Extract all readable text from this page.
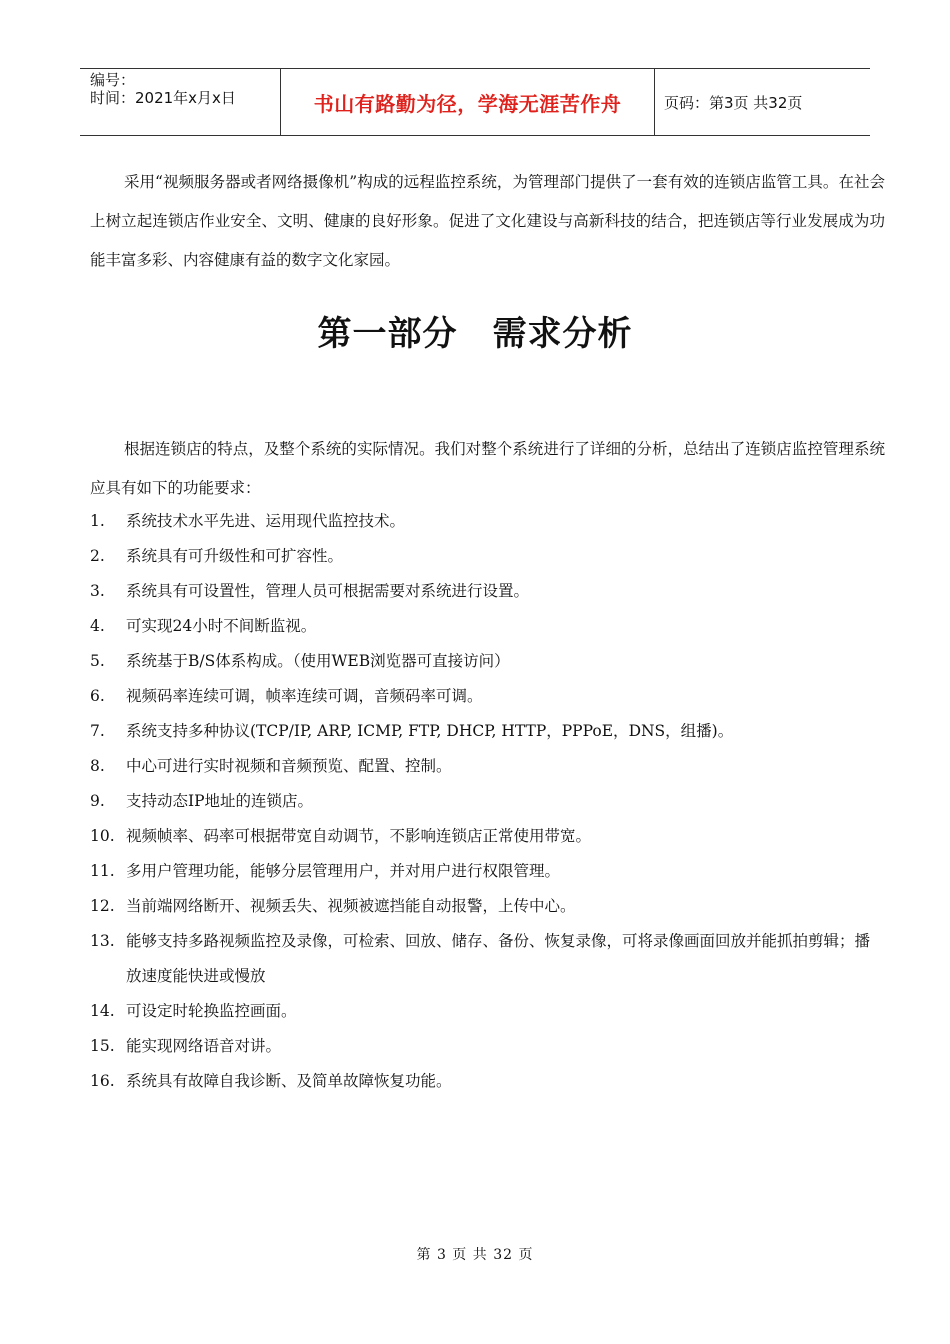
编号：
时间：2021年x月x日	书山有路勤为径，学海无涯苦作舟	页码：第3页 共32页

采用“视频服务器或者网络摄像机”构成的远程监控系统，为管理部门提供了一套有效的连锁店监管工具。在社会上树立起连锁店作业安全、文明、健康的良好形象。促进了文化建设与高新科技的结合，把连锁店等行业发展成为功能丰富多彩、内容健康有益的数字文化家园。

第一部分　需求分析

根据连锁店的特点，及整个系统的实际情况。我们对整个系统进行了详细的分析，总结出了连锁店监控管理系统应具有如下的功能要求：

1.	系统技术水平先进、运用现代监控技术。
2.	系统具有可升级性和可扩容性。
3.	系统具有可设置性，管理人员可根据需要对系统进行设置。
4.	可实现24小时不间断监视。
5.	系统基于B/S体系构成。（使用WEB浏览器可直接访问）
6.	视频码率连续可调，帧率连续可调，音频码率可调。
7.	系统支持多种协议(TCP/IP, ARP, ICMP, FTP, DHCP, HTTP，PPPoE，DNS，组播)。
8.	中心可进行实时视频和音频预览、配置、控制。
9.	支持动态IP地址的连锁店。
10. 视频帧率、码率可根据带宽自动调节，不影响连锁店正常使用带宽。
11. 多用户管理功能，能够分层管理用户，并对用户进行权限管理。
12. 当前端网络断开、视频丢失、视频被遮挡能自动报警，上传中心。
13. 能够支持多路视频监控及录像，可检索、回放、储存、备份、恢复录像，可将录像画面回放并能抓拍剪辑；播放速度能快进或慢放
14. 可设定时轮换监控画面。
15. 能实现网络语音对讲。
16. 系统具有故障自我诊断、及简单故障恢复功能。
第 3 页 共 32 页
